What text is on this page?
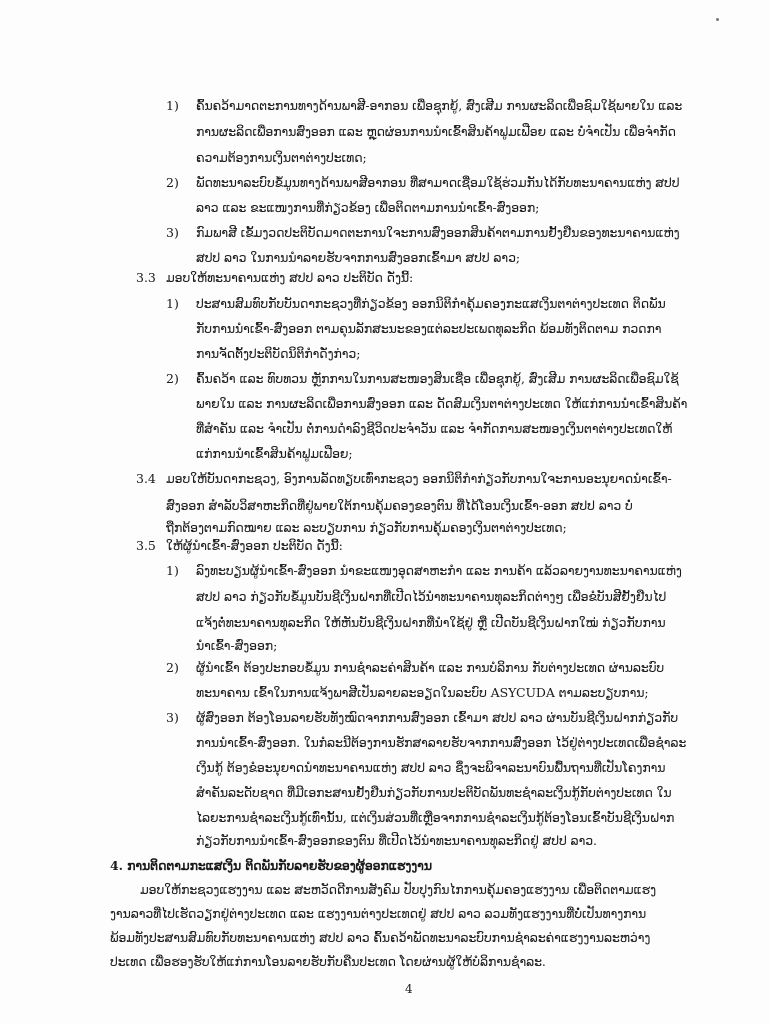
1) ຄົ້ນຄວ້າມາດຕະການທາງດ້ານພາສີ-ອາກອນ ເພື່ອຊຸກຍູ້, ສົ່ງເສີມ ການຜະລິດເພື່ອຊົມໃຊ້ພາຍໃນ ແລະ
ການຜະລິດເພື່ອການສົ່ງອອກ ແລະ ຫຼຸດຜ່ອນການນໍາເຂົ້າສິນຄ້າຟູມເຟືອຍ ແລະ ບໍ່ຈໍາເປັນ ເພື່ອຈໍາກັດ
ຄວາມຕ້ອງການເງິນຕາຕ່າງປະເທດ;
2) ພັດທະນາລະບົບຂໍ້ມູນທາງດ້ານພາສີອາກອນ ທີ່ສາມາດເຊື່ອມໃຊ້ຮ່ວມກັນໄດ້ກັບທະນາຄານແຫ່ງ ສປປ
ລາວ ແລະ ຂະແໜງການທີ່ກ່ຽວຂ້ອງ ເພື່ອຕິດຕາມການນໍາເຂົ້າ-ສົ່ງອອກ;
3) ກົມພາສີ ເຂັ້ມງວດປະຕິບັດມາດຕະການໃຈະການສົ່ງອອກສິນຄ້າຕາມການຢັ້ງຢືນຂອງທະນາຄານແຫ່ງ
ສປປ ລາວ ໃນການນໍາລາຍຮັບຈາກການສົ່ງອອກເຂົ້າມາ ສປປ ລາວ;
3.3 ມອບໃຫ້ທະນາຄານແຫ່ງ ສປປ ລາວ ປະຕິບັດ ດັ່ງນີ້:
1) ປະສານສົມທົບກັບບັນດາກະຊວງທີ່ກ່ຽວຂ້ອງ ອອກນິຕິກໍາຄຸ້ມຄອງກະແສເງິນຕາຕ່າງປະເທດ ຕິດພັນ
ກັບການນໍາເຂົ້າ-ສົ່ງອອກ ຕາມຄຸນລັກສະນະຂອງແຕ່ລະປະເພດທຸລະກິດ ພ້ອມທັງຕິດຕາມ ກວດກາ
ການຈັດຕັ້ງປະຕິບັດນິຕິກໍາດັ່ງກ່າວ;
2) ຄົ້ນຄວ້າ ແລະ ທົບທວນ ຫຼັກການໃນການສະໜອງສິນເຊື່ອ ເພື່ອຊຸກຍູ້, ສົ່ງເສີມ ການຜະລິດເພື່ອຊົມໃຊ້
ພາຍໃນ ແລະ ການຜະລິດເພື່ອການສົ່ງອອກ ແລະ ດັດສົມເງິນຕາຕ່າງປະເທດ ໃຫ້ແກ່ການນໍາເຂົ້າສິນຄ້າ
ທີ່ສໍາຄັນ ແລະ ຈໍາເປັນ ຕໍ່ການດໍາລົງຊີວິດປະຈໍາວັນ ແລະ ຈໍາກັດການສະໜອງເງິນຕາຕ່າງປະເທດໃຫ້
ແກ່ການນໍາເຂົ້າສິນຄ້າຟູມເຟືອຍ;
3.4 ມອບໃຫ້ບັນດາກະຊວງ, ອົງການລັດທຽບເທົ່າກະຊວງ ອອກນິຕິກໍາກ່ຽວກັບການໃຈະການອະນຸຍາດນໍາເຂົ້າ-
ສົ່ງອອກ ສໍາລັບວິສາຫະກິດທີ່ຢູ່ພາຍໃຕ້ການຄຸ້ມຄອງຂອງຕົນ ທີ່ໄດ້ໂອນເງິນເຂົ້າ-ອອກ ສປປ ລາວ ບໍ່
ຖືກຕ້ອງຕາມກົດໝາຍ ແລະ ລະບຽບການ ກ່ຽວກັບການຄຸ້ມຄອງເງິນຕາຕ່າງປະເທດ;
3.5 ໃຫ້ຜູ້ນໍາເຂົ້າ-ສົ່ງອອກ ປະຕິບັດ ດັ່ງນີ້:
1) ລົງທະບຽນຜູ້ນໍາເຂົ້າ-ສົ່ງອອກ ນໍາຂະແໜງອຸດສາຫະກໍາ ແລະ ການຄ້າ ແລ້ວລາຍງານທະນາຄານແຫ່ງ
ສປປ ລາວ ກ່ຽວກັບຂໍ້ມູນບັນຊີເງິນຝາກທີ່ເປີດໄວ້ນໍາທະນາຄານທຸລະກິດຕ່າງໆ ເພື່ອຂໍບັນສີຢັ້ງຢືນໄປ
ແຈ້ງຕໍ່ທະນາຄານທຸລະກິດ ໃຫ້ຫັນບັນຊີເງິນຝາກທີ່ນໍາໃຊ້ຢູ່ ຫຼື ເປີດບັນຊີເງິນຝາກໃໝ່ ກ່ຽວກັບການ
ນໍາເຂົ້າ-ສົ່ງອອກ;
2) ຜູ້ນໍາເຂົ້າ ຕ້ອງປະກອບຂໍ້ມູນ ການຊໍາລະຄ່າສິນຄ້າ ແລະ ການບໍລິການ ກັບຕ່າງປະເທດ ຜ່ານລະບົບ
ທະນາຄານ ເຂົ້າໃນການແຈ້ງພາສີເປັນລາຍລະອຽດໃນລະບົບ ASYCUDA ຕາມລະບຽບການ;
3) ຜູ້ສົ່ງອອກ ຕ້ອງໂອນລາຍຮັບທັງໝົດຈາກການສົ່ງອອກ ເຂົ້າມາ ສປປ ລາວ ຜ່ານບັນຊີເງິນຝາກກ່ຽວກັບ
ການນໍາເຂົ້າ-ສົ່ງອອກ. ໃນກໍລະນີຕ້ອງການຮັກສາລາຍຮັບຈາກການສົ່ງອອກ ໄວ້ຢູ່ຕ່າງປະເທດເພື່ອຊໍາລະ
ເງິນກູ້ ຕ້ອງຂໍອະນຸຍາດນໍາທະນາຄານແຫ່ງ ສປປ ລາວ ຊຶ່ງຈະພິຈາລະນາບົນພື້ນຖານທີ່ເປັນໂຄງການ
ສໍາຄັນລະດັບຊາດ ທີ່ມີເອກະສານຢັ້ງຢືນກ່ຽວກັບການປະຕິບັດພັນທະຊໍາລະເງິນກູ້ກັບຕ່າງປະເທດ ໃນ
ໄລຍະການຊໍາລະເງິນກູ້ເທົ່ານັ້ນ, ແຕ່ເງິນສ່ວນທີ່ເຫຼືອຈາກການຊໍາລະເງິນກູ້ຕ້ອງໂອນເຂົ້າບັນຊີເງິນຝາກ
ກ່ຽວກັບການນໍາເຂົ້າ-ສົ່ງອອກຂອງຕົນ ທີ່ເປີດໄວ້ນໍາທະນາຄານທຸລະກິດຢູ່ ສປປ ລາວ.
4. ການຕິດຕາມກະແສເງິນ ຕິດພັນກັບລາຍຮັບຂອງຜູ້ອອກແຮງງານ
ມອບໃຫ້ກະຊວງແຮງງານ ແລະ ສະຫວັດດີການສັງຄົມ ປັບປຸງກົນໄກການຄຸ້ມຄອງແຮງງານ ເພື່ອຕິດຕາມແຮງ
ງານລາວທີ່ໄປເຮັດວຽກຢູ່ຕ່າງປະເທດ ແລະ ແຮງງານຕ່າງປະເທດຢູ່ ສປປ ລາວ ລວມທັງແຮງງານທີ່ບໍ່ເປັນທາງການ
ພ້ອມທັງປະສານສົມທົບກັບທະນາຄານແຫ່ງ ສປປ ລາວ ຄົ້ນຄວ້າພັດທະນາລະບົບການຊໍາລະຄ່າແຮງງານລະຫວ່າງ
ປະເທດ ເພື່ອຮອງຮັບໃຫ້ແກ່ການໂອນລາຍຮັບກັບຄືນປະເທດ ໂດຍຜ່ານຜູ້ໃຫ້ບໍລິການຊໍາລະ.
4
